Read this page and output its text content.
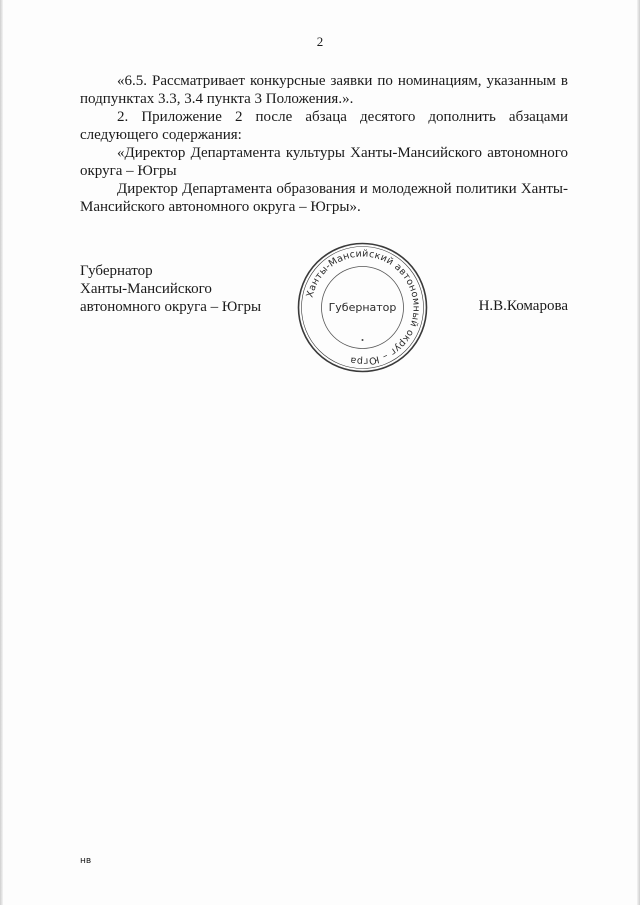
2

«6.5. Рассматривает конкурсные заявки по номинациям, указанным в подпунктах 3.3, 3.4 пункта 3 Положения.».

2. Приложение 2 после абзаца десятого дополнить абзацами следующего содержания:

«Директор Департамента культуры Ханты-Мансийского автономного округа – Югры

Директор Департамента образования и молодежной политики Ханты-Мансийского автономного округа – Югры».

Губернатор
Ханты-Мансийского
автономного округа – Югры
Ханты-Мансийский автономный округ – Югра
Губернатор	Н.В.Комарова
нв
